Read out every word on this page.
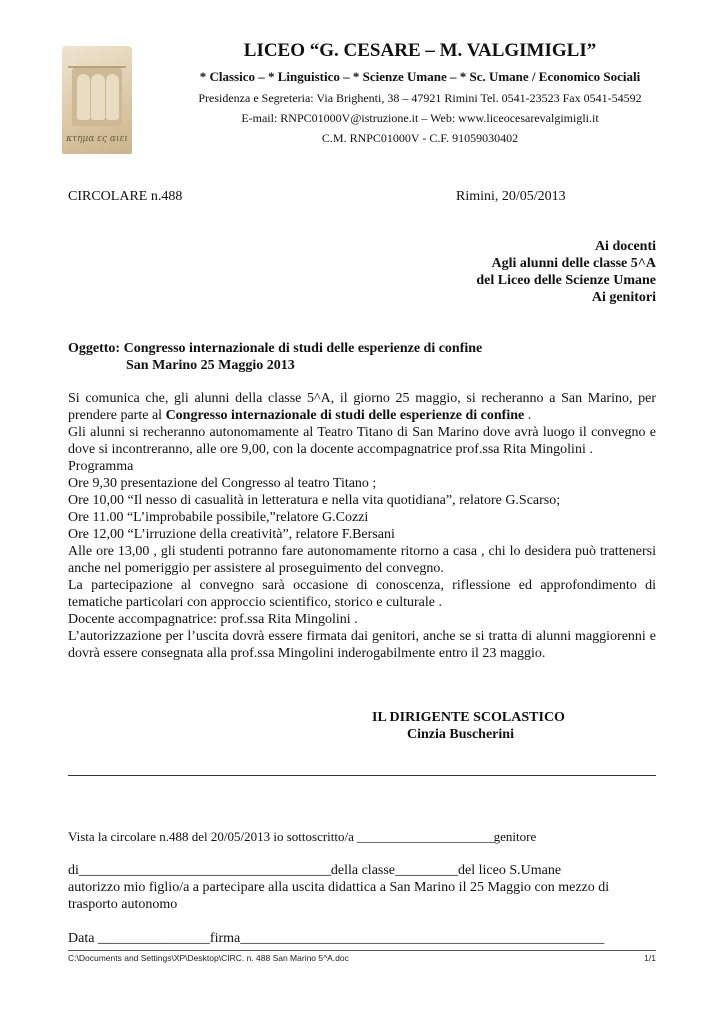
κτημα ες αιει
LICEO “G. CESARE – M. VALGIMIGLI”
* Classico – * Linguistico – * Scienze Umane – * Sc. Umane / Economico Sociali
Presidenza e Segreteria: Via Brighenti, 38 – 47921 Rimini Tel. 0541-23523 Fax 0541-54592
E-mail: RNPC01000V@istruzione.it – Web: www.liceocesarevalgimigli.it
C.M. RNPC01000V - C.F. 91059030402
CIRCOLARE n.488	Rimini, 20/05/2013
Ai docenti
Agli alunni delle classe 5^A
del Liceo delle Scienze Umane
Ai genitori
Oggetto: Congresso internazionale di studi delle esperienze di confine
San Marino 25 Maggio 2013

Si comunica che, gli alunni della classe 5^A, il giorno 25 maggio, si recheranno a San Marino, per prendere parte al Congresso internazionale di studi delle esperienze di confine .

Gli alunni si recheranno autonomamente al Teatro Titano di San Marino dove avrà luogo il convegno e dove si incontreranno, alle ore 9,00, con la docente accompagnatrice prof.ssa Rita Mingolini .

Programma

Ore 9,30 presentazione del Congresso al teatro Titano ;

Ore 10,00 “Il nesso di casualità in letteratura e nella vita quotidiana”, relatore G.Scarso;

Ore 11.00 “L’improbabile possibile,”relatore G.Cozzi

Ore 12,00 “L’irruzione della creatività”, relatore F.Bersani

Alle ore 13,00 , gli studenti potranno fare autonomamente ritorno a casa , chi lo desidera può trattenersi anche nel pomeriggio per assistere al proseguimento del convegno.

La partecipazione al convegno sarà occasione di conoscenza, riflessione ed approfondimento di tematiche particolari con approccio scientifico, storico e culturale .

Docente accompagnatrice: prof.ssa Rita Mingolini .

L’autorizzazione per l’uscita dovrà essere firmata dai genitori, anche se si tratta di alunni maggiorenni e dovrà essere consegnata alla prof.ssa Mingolini inderogabilmente entro il 23 maggio.

IL DIRIGENTE SCOLASTICO
Cinzia Buscherini
Vista la circolare n.488 del 20/05/2013 io sottoscritto/a _____________________genitore
di____________________________________della classe_________del liceo S.Umane
autorizzo mio figlio/a a partecipare alla uscita didattica a San Marino il 25 Maggio con mezzo di trasporto autonomo
Data ________________firma____________________________________________________
C:\Documents and Settings\XP\Desktop\CIRC. n. 488 San Marino 5^A.doc	1/1
